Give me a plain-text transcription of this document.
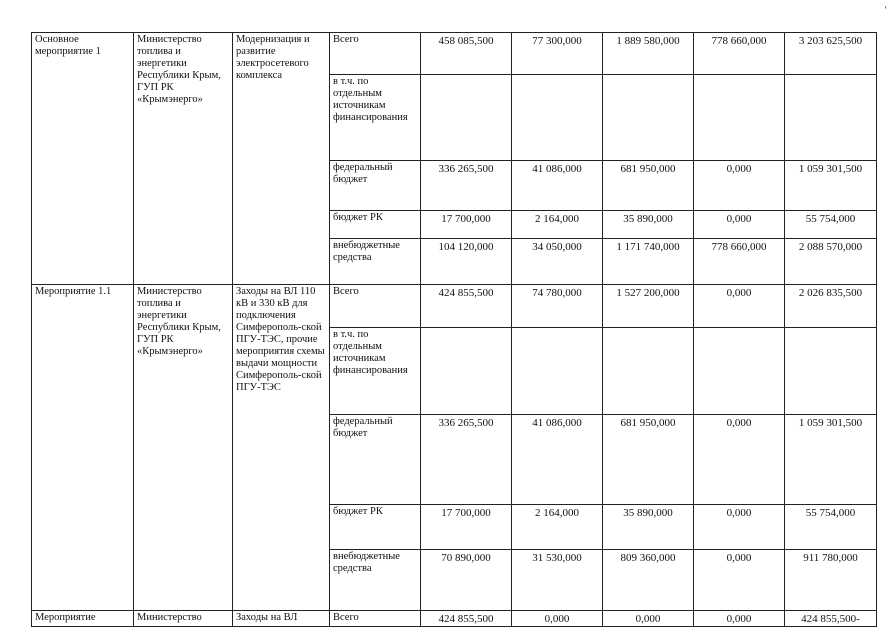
‘
Основное мероприятие 1	Министерство топлива и энергетики Республики Крым, ГУП РК «Крымэнерго»	Модернизация и развитие электросетевого комплекса	Всего	458 085,500	77 300,000	1 889 580,000	778 660,000	3 203 625,500
			в т.ч. по отдельным источникам финансирования					
			федеральный бюджет	336 265,500	41 086,000	681 950,000	0,000	1 059 301,500
			бюджет РК	17 700,000	2 164,000	35 890,000	0,000	55 754,000
			внебюджетные средства	104 120,000	34 050,000	1 171 740,000	778 660,000	2 088 570,000
Мероприятие 1.1	Министерство топлива и энергетики Республики Крым, ГУП РК «Крымэнерго»	Заходы на ВЛ 110 кВ и 330 кВ для подключения Симферополь-ской ПГУ-ТЭС, прочие мероприятия схемы выдачи мощности Симферополь-ской ПГУ-ТЭС	Всего	424 855,500	74 780,000	1 527 200,000	0,000	2 026 835,500
			в т.ч. по отдельным источникам финансирования					
			федеральный бюджет	336 265,500	41 086,000	681 950,000	0,000	1 059 301,500
			бюджет РК	17 700,000	2 164,000	35 890,000	0,000	55 754,000
			внебюджетные средства	70 890,000	31 530,000	809 360,000	0,000	911 780,000
Мероприятие	Министерство	Заходы на ВЛ	Всего	424 855,500	0,000	0,000	0,000	424 855,500-
